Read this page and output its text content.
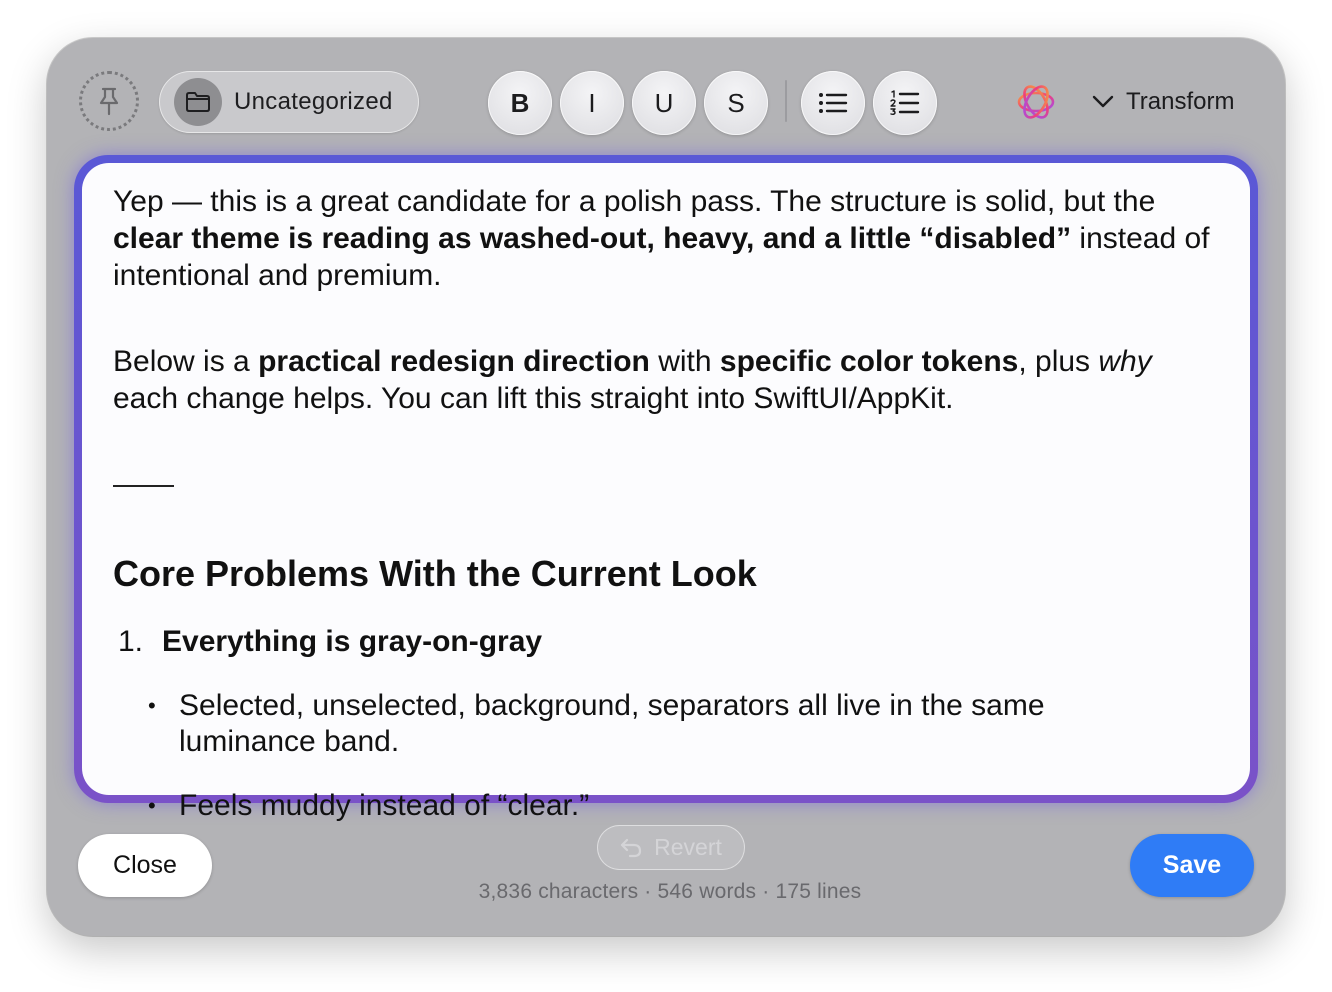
Uncategorized	B	I	U	S	Transform

Yep — this is a great candidate for a polish pass. The structure is solid, but the clear theme is reading as washed-out, heavy, and a little “disabled” instead of intentional and premium.

Below is a practical redesign direction with specific color tokens, plus why each change helps. You can lift this straight into SwiftUI/AppKit.

Core Problems With the Current Look
1. Everything is gray-on-gray
• Selected, unselected, background, separators all live in the same luminance band.
• Feels muddy instead of “clear.”
Close
Revert
3,836 characters · 546 words · 175 lines
Save
